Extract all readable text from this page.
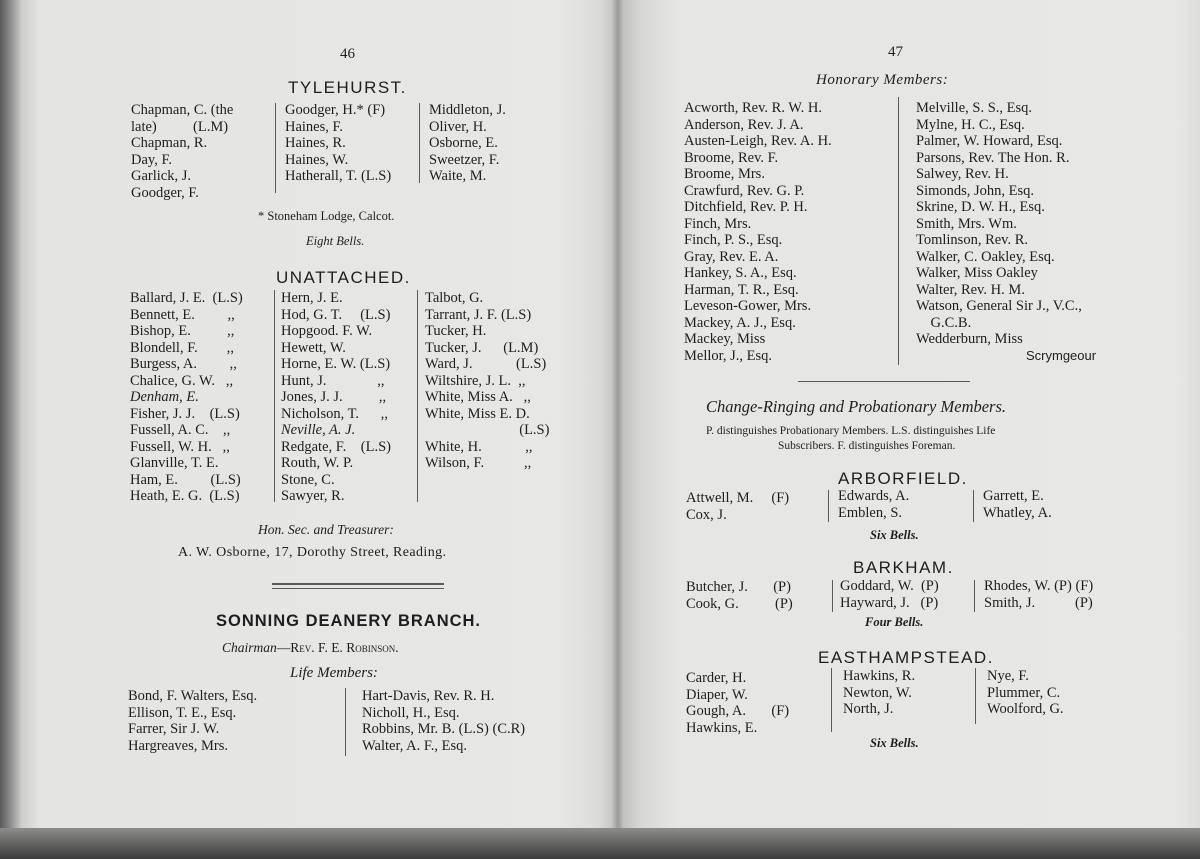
46
TYLEHURST.
Chapman, C. (the
late)          (L.M)
Chapman, R.
Day, F.
Garlick, J.
Goodger, F.
Goodger, H.* (F)
Haines, F.
Haines, R.
Haines, W.
Hatherall, T. (L.S)
Middleton, J.
Oliver, H.
Osborne, E.
Sweetzer, F.
Waite, M.
* Stoneham Lodge, Calcot.
Eight Bells.
UNATTACHED.
Ballard, J. E.  (L.S)
Bennett, E.         ,,
Bishop, E.          ,,
Blondell, F.        ,,
Burgess, A.         ,,
Chalice, G. W.   ,,
Denham, E.
Fisher, J. J.    (L.S)
Fussell, A. C.    ,,
Fussell, W. H.   ,,
Glanville, T. E.
Ham, E.         (L.S)
Heath, E. G.  (L.S)
Hern, J. E.
Hod, G. T.     (L.S)
Hopgood. F. W.
Hewett, W.
Horne, E. W. (L.S)
Hunt, J.              ,,
Jones, J. J.          ,,
Nicholson, T.      ,,
Neville, A. J.
Redgate, F.    (L.S)
Routh, W. P.
Stone, C.
Sawyer, R.
Talbot, G.
Tarrant, J. F. (L.S)
Tucker, H.
Tucker, J.      (L.M)
Ward, J.            (L.S)
Wiltshire, J. L.  ,,
White, Miss A.   ,,
White, Miss E. D.
(L.S)
White, H.            ,,
Wilson, F.           ,,
Hon. Sec. and Treasurer:
A. W. Osborne, 17, Dorothy Street, Reading.
SONNING DEANERY BRANCH.
Chairman—Rev. F. E. Robinson.
Life Members:
Bond, F. Walters, Esq.
Ellison, T. E., Esq.
Farrer, Sir J. W.
Hargreaves, Mrs.
Hart-Davis, Rev. R. H.
Nicholl, H., Esq.
Robbins, Mr. B. (L.S) (C.R)
Walter, A. F., Esq.
47
Honorary Members:
Acworth, Rev. R. W. H.
Anderson, Rev. J. A.
Austen-Leigh, Rev. A. H.
Broome, Rev. F.
Broome, Mrs.
Crawfurd, Rev. G. P.
Ditchfield, Rev. P. H.
Finch, Mrs.
Finch, P. S., Esq.
Gray, Rev. E. A.
Hankey, S. A., Esq.
Harman, T. R., Esq.
Leveson-Gower, Mrs.
Mackey, A. J., Esq.
Mackey, Miss
Mellor, J., Esq.
Melville, S. S., Esq.
Mylne, H. C., Esq.
Palmer, W. Howard, Esq.
Parsons, Rev. The Hon. R.
Salwey, Rev. H.
Simonds, John, Esq.
Skrine, D. W. H., Esq.
Smith, Mrs. Wm.
Tomlinson, Rev. R.
Walker, C. Oakley, Esq.
Walker, Miss Oakley
Walter, Rev. H. M.
Watson, General Sir J., V.C.,
G.C.B.
Wedderburn, Miss
Scrymgeour
Change-Ringing and Probationary Members.
P. distinguishes Probationary Members. L.S. distinguishes Life
Subscribers. F. distinguishes Foreman.
ARBORFIELD.
Attwell, M.     (F)
Cox, J.
Edwards, A.
Emblen, S.
Garrett, E.
Whatley, A.
Six Bells.
BARKHAM.
Butcher, J.       (P)
Cook, G.          (P)
Goddard, W.  (P)
Hayward, J.   (P)
Rhodes, W. (P) (F)
Smith, J.           (P)
Four Bells.
EASTHAMPSTEAD.
Carder, H.
Diaper, W.
Gough, A.       (F)
Hawkins, E.
Hawkins, R.
Newton, W.
North, J.
Nye, F.
Plummer, C.
Woolford, G.
Six Bells.
